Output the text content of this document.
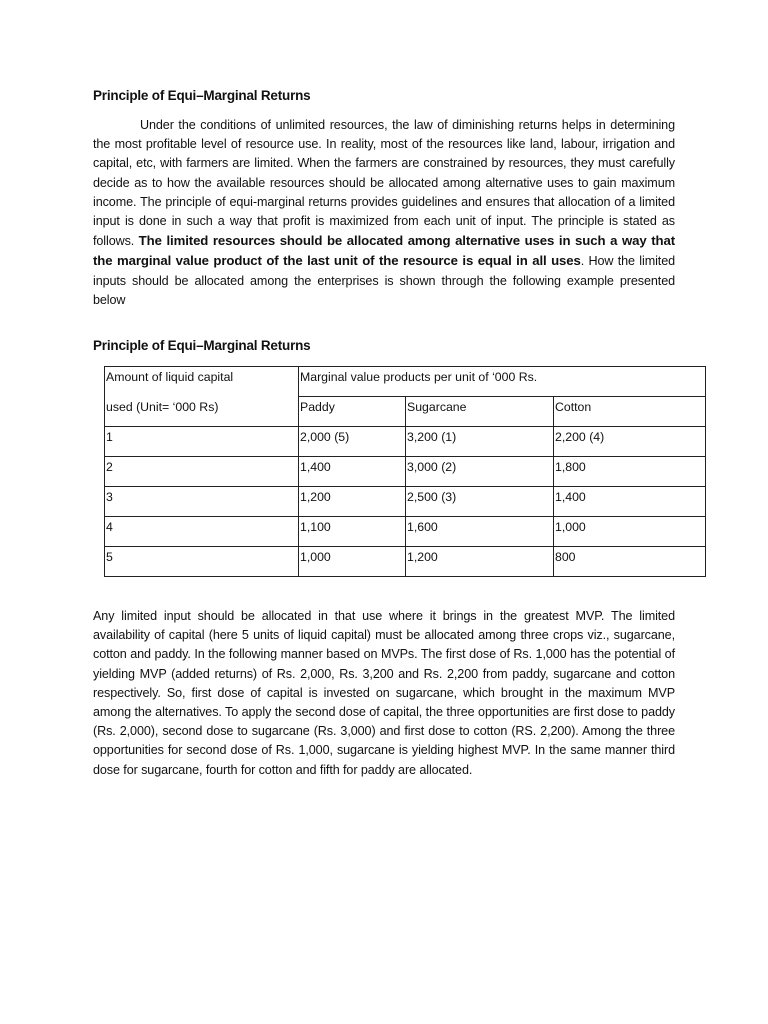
Principle of Equi–Marginal Returns
Under the conditions of unlimited resources, the law of diminishing returns helps in determining the most profitable level of resource use. In reality, most of the resources like land, labour, irrigation and capital, etc, with farmers are limited. When the farmers are constrained by resources, they must carefully decide as to how the available resources should be allocated among alternative uses to gain maximum income. The principle of equi-marginal returns provides guidelines and ensures that allocation of a limited input is done in such a way that profit is maximized from each unit of input. The principle is stated as follows. The limited resources should be allocated among alternative uses in such a way that the marginal value product of the last unit of the resource is equal in all uses. How the limited inputs should be allocated among the enterprises is shown through the following example presented below
Principle of Equi–Marginal Returns
Amount of liquid capital	Marginal value products per unit of ‘000 Rs.		
used (Unit= ‘000 Rs)	Paddy	Sugarcane	Cotton
1	2,000 (5)	3,200 (1)	2,200 (4)
2	1,400	3,000 (2)	1,800
3	1,200	2,500 (3)	1,400
4	1,100	1,600	1,000
5	1,000	1,200	800
Any limited input should be allocated in that use where it brings in the greatest MVP. The limited availability of capital (here 5 units of liquid capital) must be allocated among three crops viz., sugarcane, cotton and paddy. In the following manner based on MVPs. The first dose of Rs. 1,000 has the potential of yielding MVP (added returns) of Rs. 2,000, Rs. 3,200 and Rs. 2,200 from paddy, sugarcane and cotton respectively. So, first dose of capital is invested on sugarcane, which brought in the maximum MVP among the alternatives. To apply the second dose of capital, the three opportunities are first dose to paddy (Rs. 2,000), second dose to sugarcane (Rs. 3,000) and first dose to cotton (RS. 2,200). Among the three opportunities for second dose of Rs. 1,000, sugarcane is yielding highest MVP. In the same manner third dose for sugarcane, fourth for cotton and fifth for paddy are allocated.
